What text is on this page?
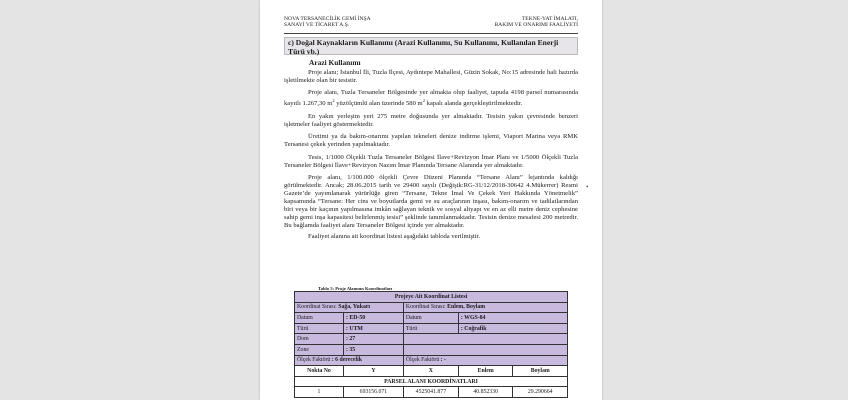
NOVA TERSANECİLİK GEMİ İNŞA
SANAYİ VE TİCARET A.Ş.
TEKNE-YAT İMALATI,
BAKIM VE ONARIMI FAALİYETİ
c) Doğal Kaynakların Kullanımı (Arazi Kullanımı, Su Kullanımı, Kullanılan Enerji Türü vb.)
Arazi Kullanımı

Proje alanı; İstanbul İli, Tuzla İlçesi, Aydıntepe Mahallesi, Güzin Sokak, No:15 adresinde hali hazırda işletilmekte olan bir tesistir.

Proje alanı, Tuzla Tersaneler Bölgesinde yer almakta olup faaliyet, tapuda 4198 parsel numarasında kayıtlı 1.267,30 $m^2$ yüzölçümlü alan üzerinde 580 $m^2$ kapalı alanda gerçekleştirilmektedir.

En yakın yerleşim yeri 275 metre doğusunda yer almaktadır. Tesisin yakın çevresinde benzeri işletmeler faaliyet göstermektedir.

Üretimi ya da bakım-onarımı yapılan tekneleri denize indirme işlemi, Viaport Marina veya RMK Tersanesi çekek yerinden yapılmaktadır.

Tesis, 1/1000 Ölçekli Tuzla Tersaneler Bölgesi İlave+Revizyon İmar Planı ve 1/5000 Ölçekli Tuzla Tersaneler Bölgesi İlave+Revizyon Nazım İmar Planında Tersane Alanında yer almaktadır.

Proje alanı, 1/100.000 ölçekli Çevre Düzeni Planında “Tersane Alanı” lejantında kaldığı görülmektedir. Ancak; 28.06.2015 tarih ve 29400 sayılı (Değişik:RG-31/12/2018-30642 4.Mükerrer) Resmi Gazete’de yayımlanarak yürürlüğe giren “Tersane, Tekne İmal Ve Çekek Yeri Hakkında Yönetmelik” kapsamında “Tersane: Her cins ve boyutlarda gemi ve su araçlarının inşası, bakım-onarım ve tadilatlarından biri veya bir kaçının yapılmasına imkân sağlayan teknik ve sosyal altyapı ve en az elli metre deniz cephesine sahip gemi inşa kapasitesi belirlenmiş tesisi” şeklinde tanımlanmaktadır. Tesisin denize mesafesi 200 metredir. Bu bağlamda faaliyet alanı Tersaneler Bölgesi içinde yer almaktadır.

Faaliyet alanına ait koordinat listesi aşağıdaki tabloda verilmiştir.

Tablo 5: Proje Alanının Koordinatları
Projeye Ait Koordinat Listesi				
Koordinat Sırası: Sağa, Yukarı		Koordinat Sırası: Enlem, Boylam		
Datum	: ED-50	Datum	: WGS-84	
Türü	: UTM	Türü	: Coğrafik	
Dom	: 27			
Zone	: 35			
Ölçek Faktörü : 6 derecelik		Ölçek Faktörü : -		
Nokta No	Y	X	Enlem	Boylam
PARSEL ALANI KOORDİNATLARI				
1	693156.071	4525041.877	40.852330	29.290664
•
